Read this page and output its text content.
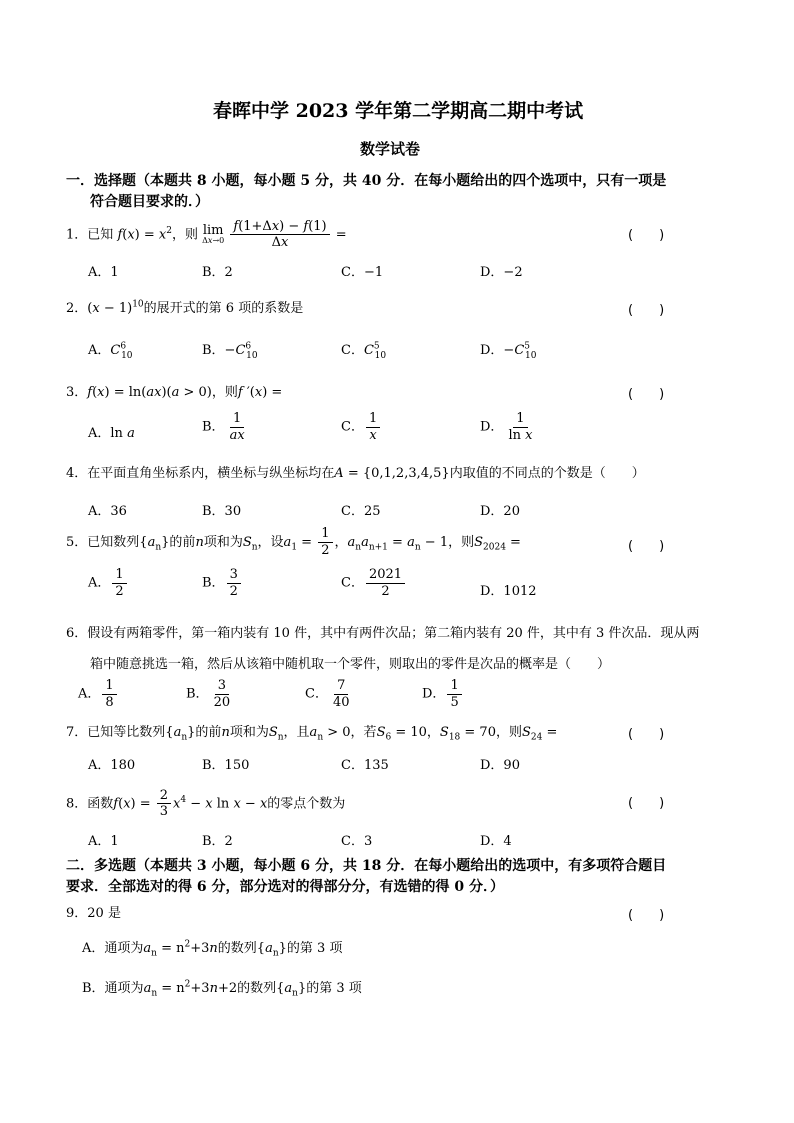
春晖中学 2023 学年第二学期高二期中考试
数学试卷
一．选择题（本题共 8 小题，每小题 5 分，共 40 分．在每小题给出的四个选项中，只有一项是
符合题目要求的．）
1．已知 $f(x) = x^2$，则 lim
Δx→0
$\frac{f(1+\Delta x) - f(1)}{\Delta x}$ =	(　　)
A．1	B．2	C．−1	D．−2
2．$(x - 1)^{10}$的展开式的第 6 项的系数是	(　　)
A．$C^6_{10}$	B．$-C^6_{10}$	C．$C^5_{10}$	D．$-C^5_{10}$
3．f(x) = ln(ax)(a > 0)，则f ′(x) =	(　　)
A．ln a	B． $\frac{1}{ax}$	C． $\frac{1}{x}$	D． $\frac{1}{\text{ln x}}$
4．在平面直角坐标系内，横坐标与纵坐标均在A = {0,1,2,3,4,5}内取值的不同点的个数是（　　）
A．36	B．30	C．25	D．20
5．已知数列$\{a_n\}$的前n项和为$S_n$，设$a_1 = \frac{1}{2}$ ，$a_na_{n+1} = a_n - 1$，则$S_{2024}$ =	(　　)
A． $\frac{1}{2}$	B． $\frac{3}{2}$	C． $\frac{2021}{2}$	D．1012
6．假设有两箱零件，第一箱内装有 10 件，其中有两件次品；第二箱内装有 20 件，其中有 3 件次品．现从两
箱中随意挑选一箱，然后从该箱中随机取一个零件，则取出的零件是次品的概率是（　　）
A． $\frac{1}{8}$	B． $\frac{3}{20}$	C． $\frac{7}{40}$	D． $\frac{1}{5}$
7．已知等比数列$\{a_n\}$的前n项和为$S_n$，且$a_n > 0$，若$S_6 = 10$，$S_{18} = 70$，则$S_{24}$ =	(　　)
A．180	B．150	C．135	D．90
8．函数$f(x) = \frac{2}{3} x^4 - x$ ln x − x的零点个数为	(　　)
A．1	B．2	C．3	D．4
二．多选题（本题共 3 小题，每小题 6 分，共 18 分．在每小题给出的选项中，有多项符合题目
要求．全部选对的得 6 分，部分选对的得部分分，有选错的得 0 分．）
9．20 是	(　　)
A．通项为$a_n = n^2+3n$的数列$\{a_n\}$的第 3 项
B．通项为$a_n = n^2+3n+2$的数列$\{a_n\}$的第 3 项
